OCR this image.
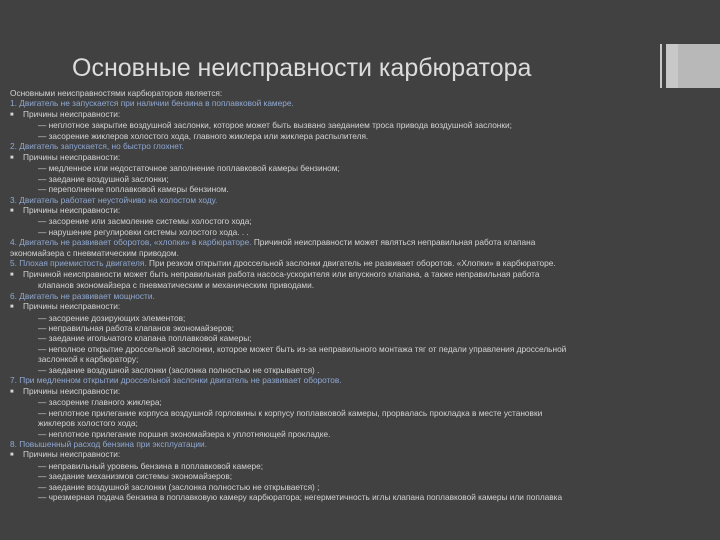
Основные неисправности карбюратора
Основными неисправностями карбюраторов является:
1. Двигатель не запускается при наличии бензина в поплавковой камере.
■ Причины неисправности:
— неплотное закрытие воздушной заслонки, которое может быть вызвано заеданием троса привода воздушной заслонки;
— засорение жиклеров холостого хода, главного жиклера или жиклера распылителя.
2. Двигатель запускается, но быстро глохнет.
■ Причины неисправности:
— медленное или недостаточное заполнение поплавковой камеры бензином;
— заедание воздушной заслонки;
— переполнение поплавковой камеры бензином.
3. Двигатель работает неустойчиво на холостом ходу.
■ Причины неисправности:
— засорение или засмоление системы холостого хода;
— нарушение регулировки системы холостого хода. . .
4. Двигатель не развивает оборотов, «хлопки» в карбюраторе. Причиной неисправности может являться неправильная работа клапана
экономайзера с пневматическим приводом.
5. Плохая приемистость двигателя. При резком открытии дроссельной заслонки двигатель не развивает оборотов. «Хлопки» в карбюраторе.
■ Причиной неисправности может быть неправильная работа насоса-ускорителя или впускного клапана, а также неправильная работа
клапанов экономайзера с пневматическим и механическим приводами.
6. Двигатель не развивает мощности.
■ Причины неисправности:
— засорение дозирующих элементов;
— неправильная работа клапанов экономайзеров;
— заедание игольчатого клапана поплавковой камеры;
— неполное открытие дроссельной заслонки, которое может быть из-за неправильного монтажа тяг от педали управления дроссельной
заслонкой к карбюратору;
— заедание воздушной заслонки (заслонка полностью не открывается) .
7. При медленном открытии дроссельной заслонки двигатель не развивает оборотов.
■ Причины неисправности:
— засорение главного жиклера;
— неплотное прилегание корпуса воздушной горловины к корпусу поплавковой камеры, прорвалась прокладка в месте установки
жиклеров холостого хода;
— неплотное прилегание поршня экономайзера к уплотняющей прокладке.
8. Повышенный расход бензина при эксплуатации.
■ Причины неисправности:
— неправильный уровень бензина в поплавковой камере;
— заедание механизмов системы экономайзеров;
— заедание воздушной заслонки (заслонка полностью не открывается) ;
— чрезмерная подача бензина в поплавковую камеру карбюратора; негерметичность иглы клапана поплавковой камеры или поплавка
